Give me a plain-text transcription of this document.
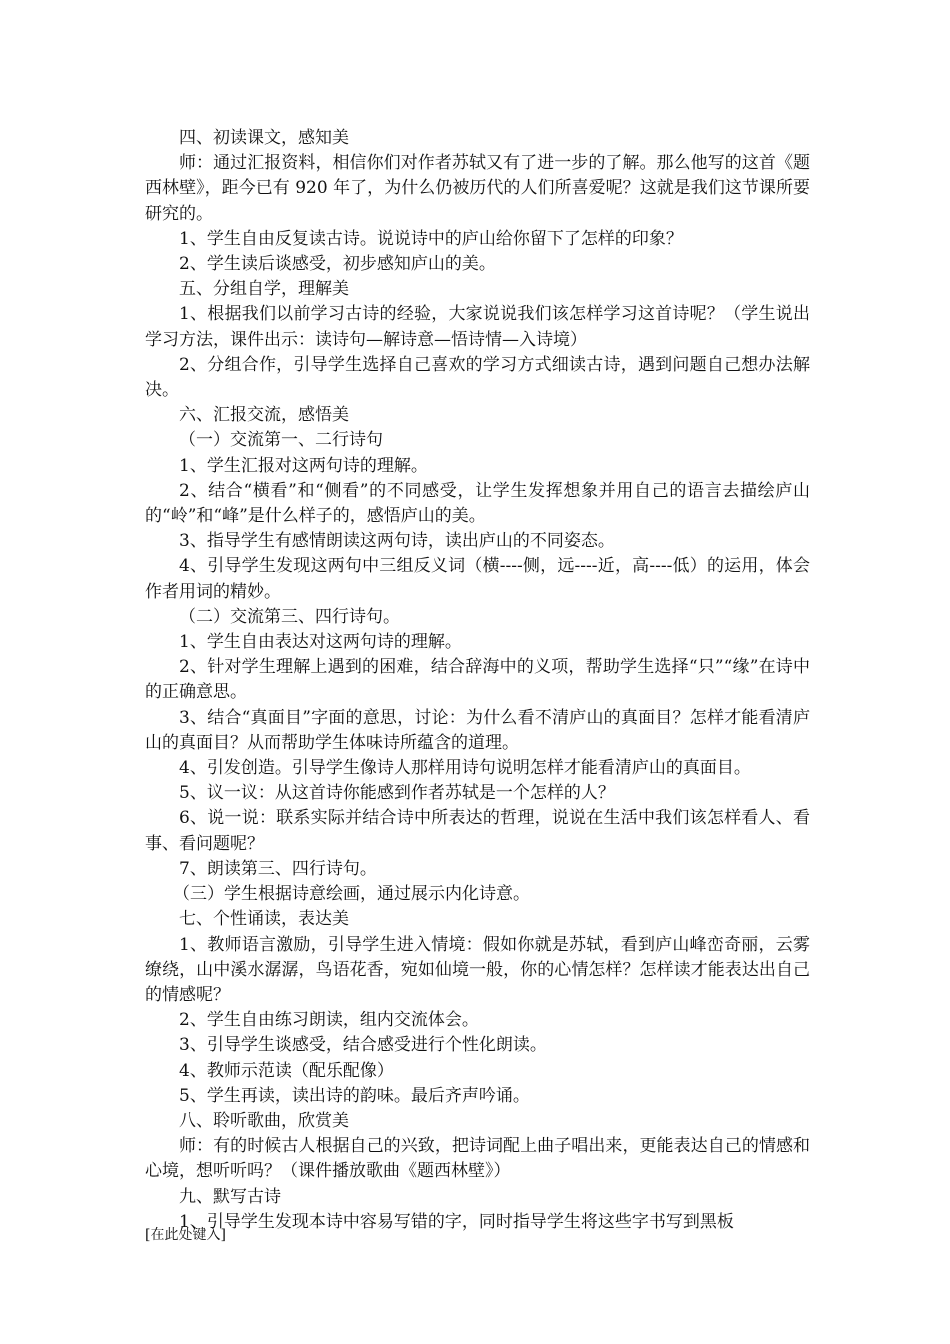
四、初读课文，感知美

师：通过汇报资料，相信你们对作者苏轼又有了进一步的了解。那么他写的这首《题西林壁》，距今已有 920 年了，为什么仍被历代的人们所喜爱呢？这就是我们这节课所要研究的。

1、学生自由反复读古诗。说说诗中的庐山给你留下了怎样的印象？

2、学生读后谈感受，初步感知庐山的美。

五、分组自学，理解美

1、根据我们以前学习古诗的经验，大家说说我们该怎样学习这首诗呢？（学生说出学习方法，课件出示：读诗句—解诗意—悟诗情—入诗境）

2、分组合作，引导学生选择自己喜欢的学习方式细读古诗，遇到问题自己想办法解决。

六、汇报交流，感悟美

（一）交流第一、二行诗句

1、学生汇报对这两句诗的理解。

2、结合“横看”和“侧看”的不同感受，让学生发挥想象并用自己的语言去描绘庐山的“岭”和“峰”是什么样子的，感悟庐山的美。

3、指导学生有感情朗读这两句诗，读出庐山的不同姿态。

4、引导学生发现这两句中三组反义词（横----侧，远----近，高----低）的运用，体会作者用词的精妙。

（二）交流第三、四行诗句。

1、学生自由表达对这两句诗的理解。

2、针对学生理解上遇到的困难，结合辞海中的义项，帮助学生选择“只”“缘”在诗中的正确意思。

3、结合“真面目”字面的意思，讨论：为什么看不清庐山的真面目？怎样才能看清庐山的真面目？从而帮助学生体味诗所蕴含的道理。

4、引发创造。引导学生像诗人那样用诗句说明怎样才能看清庐山的真面目。

5、议一议：从这首诗你能感到作者苏轼是一个怎样的人？

6、说一说：联系实际并结合诗中所表达的哲理，说说在生活中我们该怎样看人、看事、看问题呢？

7、朗读第三、四行诗句。

（三）学生根据诗意绘画，通过展示内化诗意。

七、个性诵读，表达美

1、教师语言激励，引导学生进入情境：假如你就是苏轼，看到庐山峰峦奇丽，云雾缭绕，山中溪水潺潺，鸟语花香，宛如仙境一般，你的心情怎样？怎样读才能表达出自己的情感呢？

2、学生自由练习朗读，组内交流体会。

3、引导学生谈感受，结合感受进行个性化朗读。

4、教师示范读（配乐配像）

5、学生再读，读出诗的韵味。最后齐声吟诵。

八、聆听歌曲，欣赏美

师：有的时候古人根据自己的兴致，把诗词配上曲子唱出来，更能表达自己的情感和心境，想听听吗？（课件播放歌曲《题西林壁》）

九、默写古诗

1、引导学生发现本诗中容易写错的字，同时指导学生将这些字书写到黑板

[在此处键入]
